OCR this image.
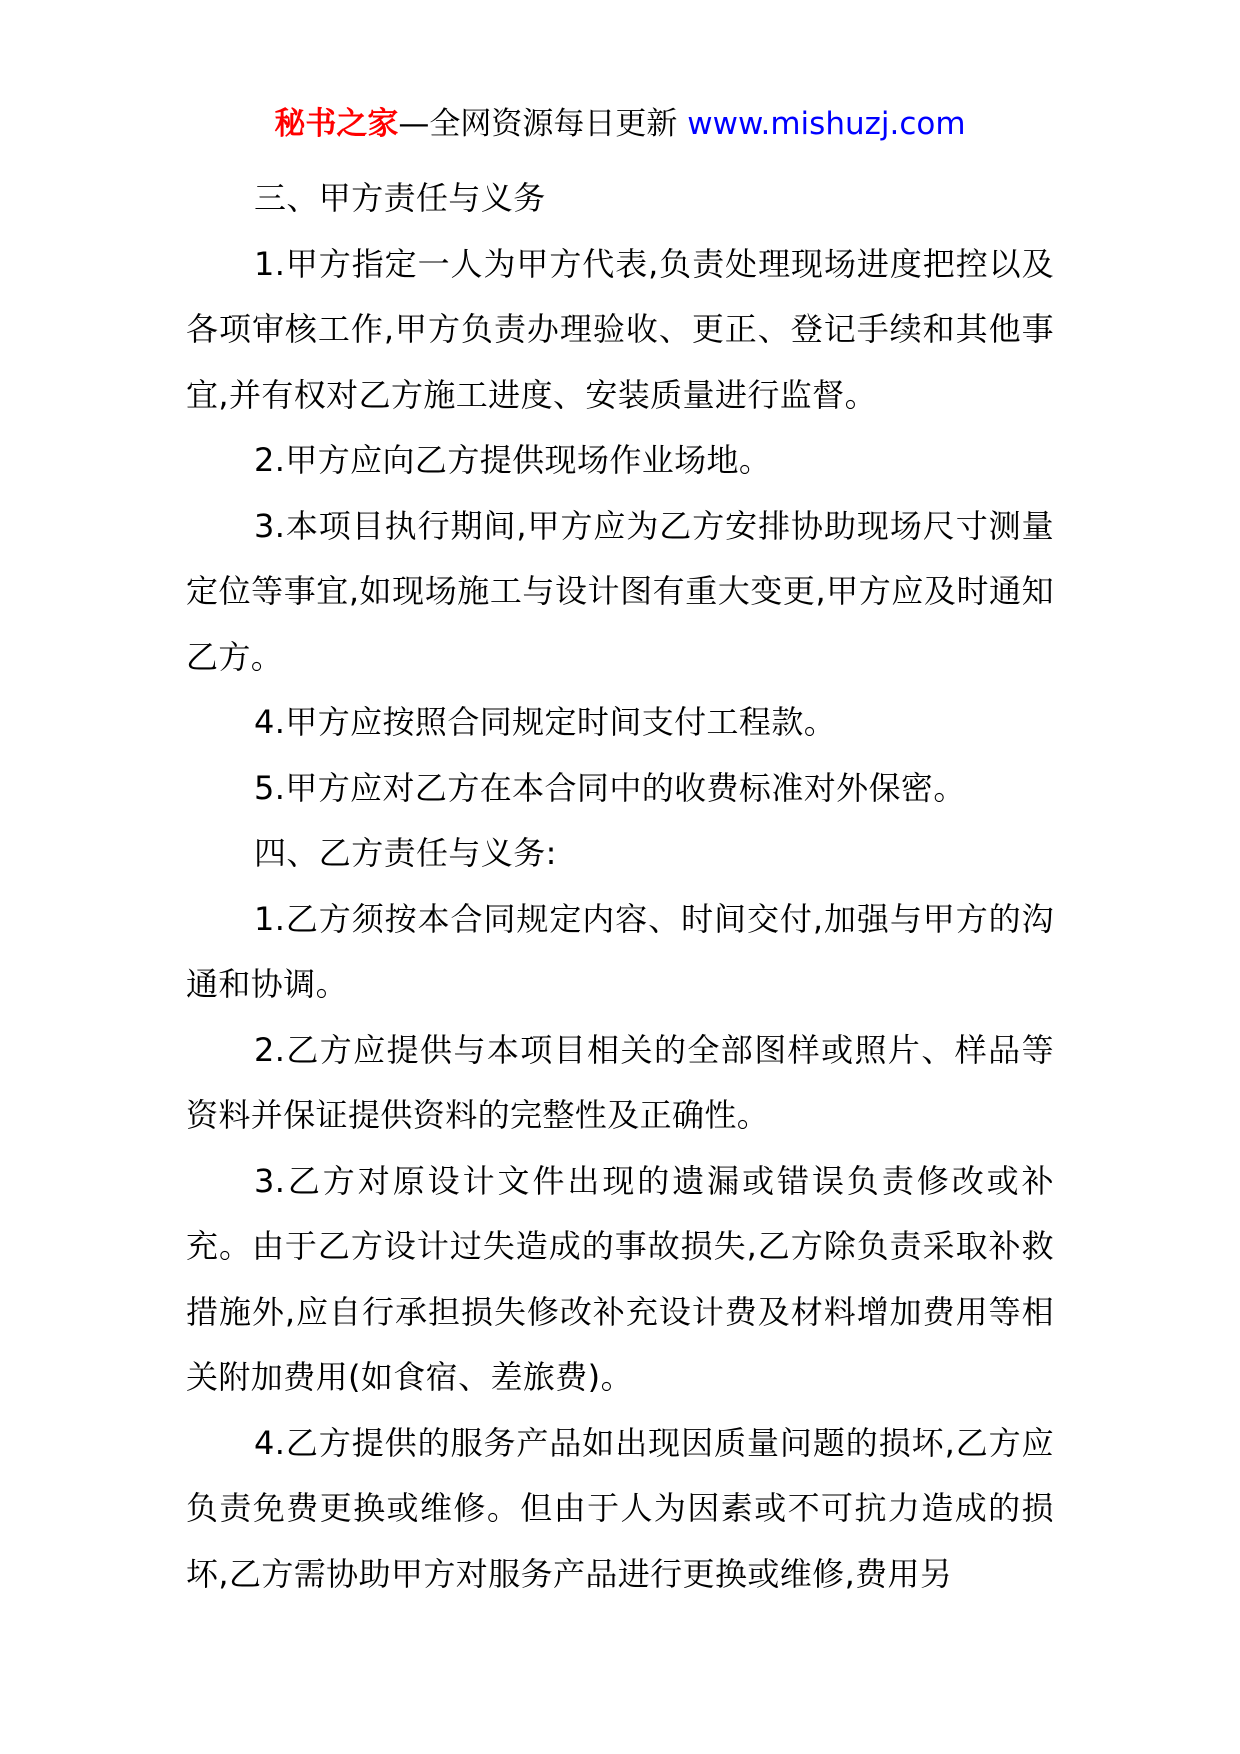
秘书之家—全网资源每日更新 www.mishuzj.com

三、甲方责任与义务

1.甲方指定一人为甲方代表,负责处理现场进度把控以及各项审核工作,甲方负责办理验收、更正、登记手续和其他事宜,并有权对乙方施工进度、安装质量进行监督。

2.甲方应向乙方提供现场作业场地。

3.本项目执行期间,甲方应为乙方安排协助现场尺寸测量定位等事宜,如现场施工与设计图有重大变更,甲方应及时通知乙方。

4.甲方应按照合同规定时间支付工程款。

5.甲方应对乙方在本合同中的收费标准对外保密。

四、乙方责任与义务:

1.乙方须按本合同规定内容、时间交付,加强与甲方的沟通和协调。

2.乙方应提供与本项目相关的全部图样或照片、样品等资料并保证提供资料的完整性及正确性。

3.乙方对原设计文件出现的遗漏或错误负责修改或补充。由于乙方设计过失造成的事故损失,乙方除负责采取补救措施外,应自行承担损失修改补充设计费及材料增加费用等相关附加费用(如食宿、差旅费)。

4.乙方提供的服务产品如出现因质量问题的损坏,乙方应负责免费更换或维修。但由于人为因素或不可抗力造成的损坏,乙方需协助甲方对服务产品进行更换或维修,费用另
